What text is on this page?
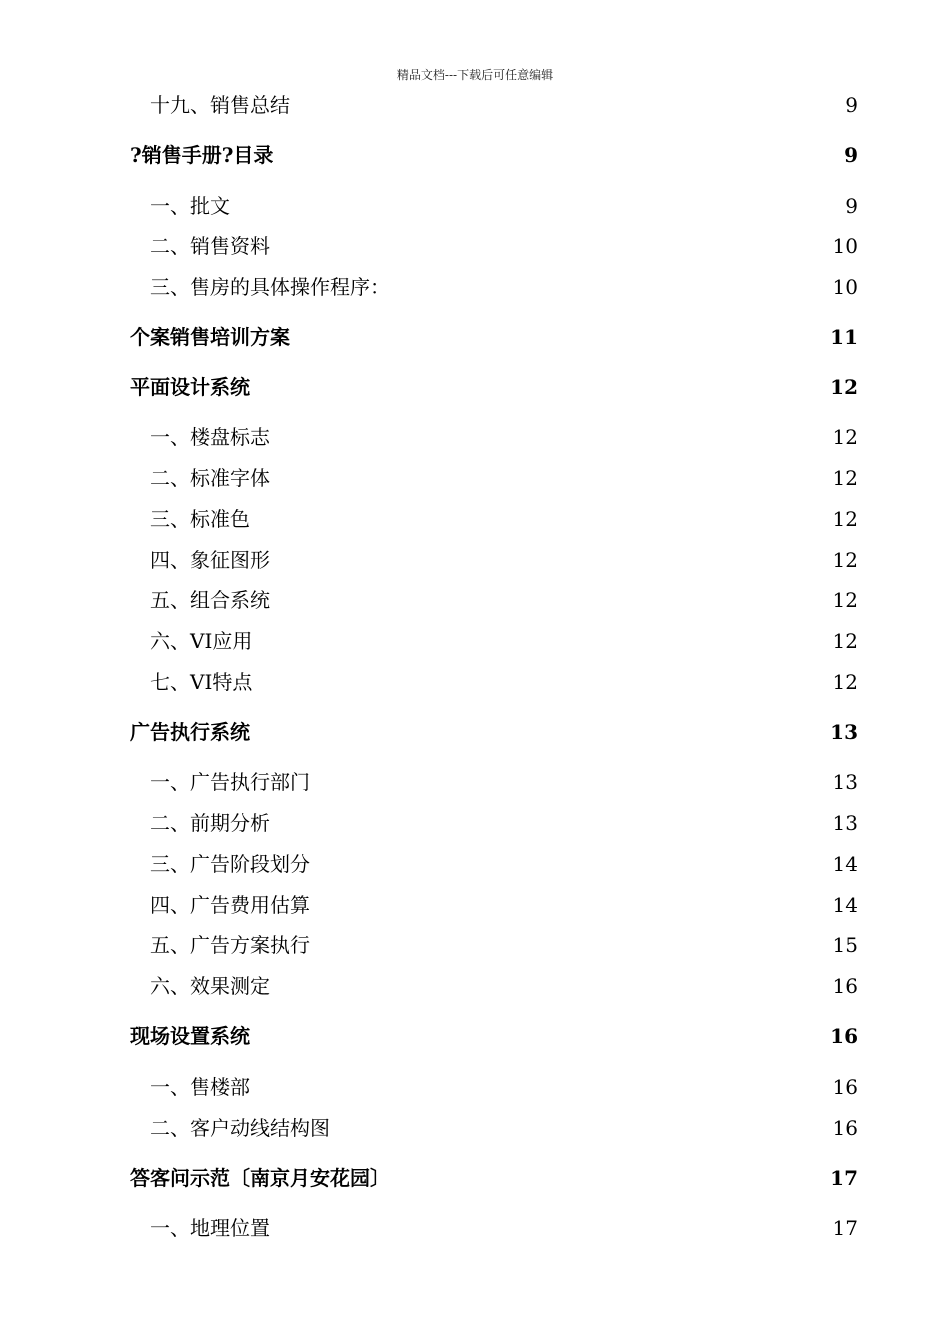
精品文档---下载后可任意编辑
十九、销售总结	9
?销售手册?目录	9
一、批文	9
二、销售资料	10
三、售房的具体操作程序：	10
个案销售培训方案	11
平面设计系统	12
一、楼盘标志	12
二、标准字体	12
三、标准色	12
四、象征图形	12
五、组合系统	12
六、VI应用	12
七、VI特点	12
广告执行系统	13
一、广告执行部门	13
二、前期分析	13
三、广告阶段划分	14
四、广告费用估算	14
五、广告方案执行	15
六、效果测定	16
现场设置系统	16
一、售楼部	16
二、客户动线结构图	16
答客问示范〔南京月安花园〕	17
一、地理位置	17
